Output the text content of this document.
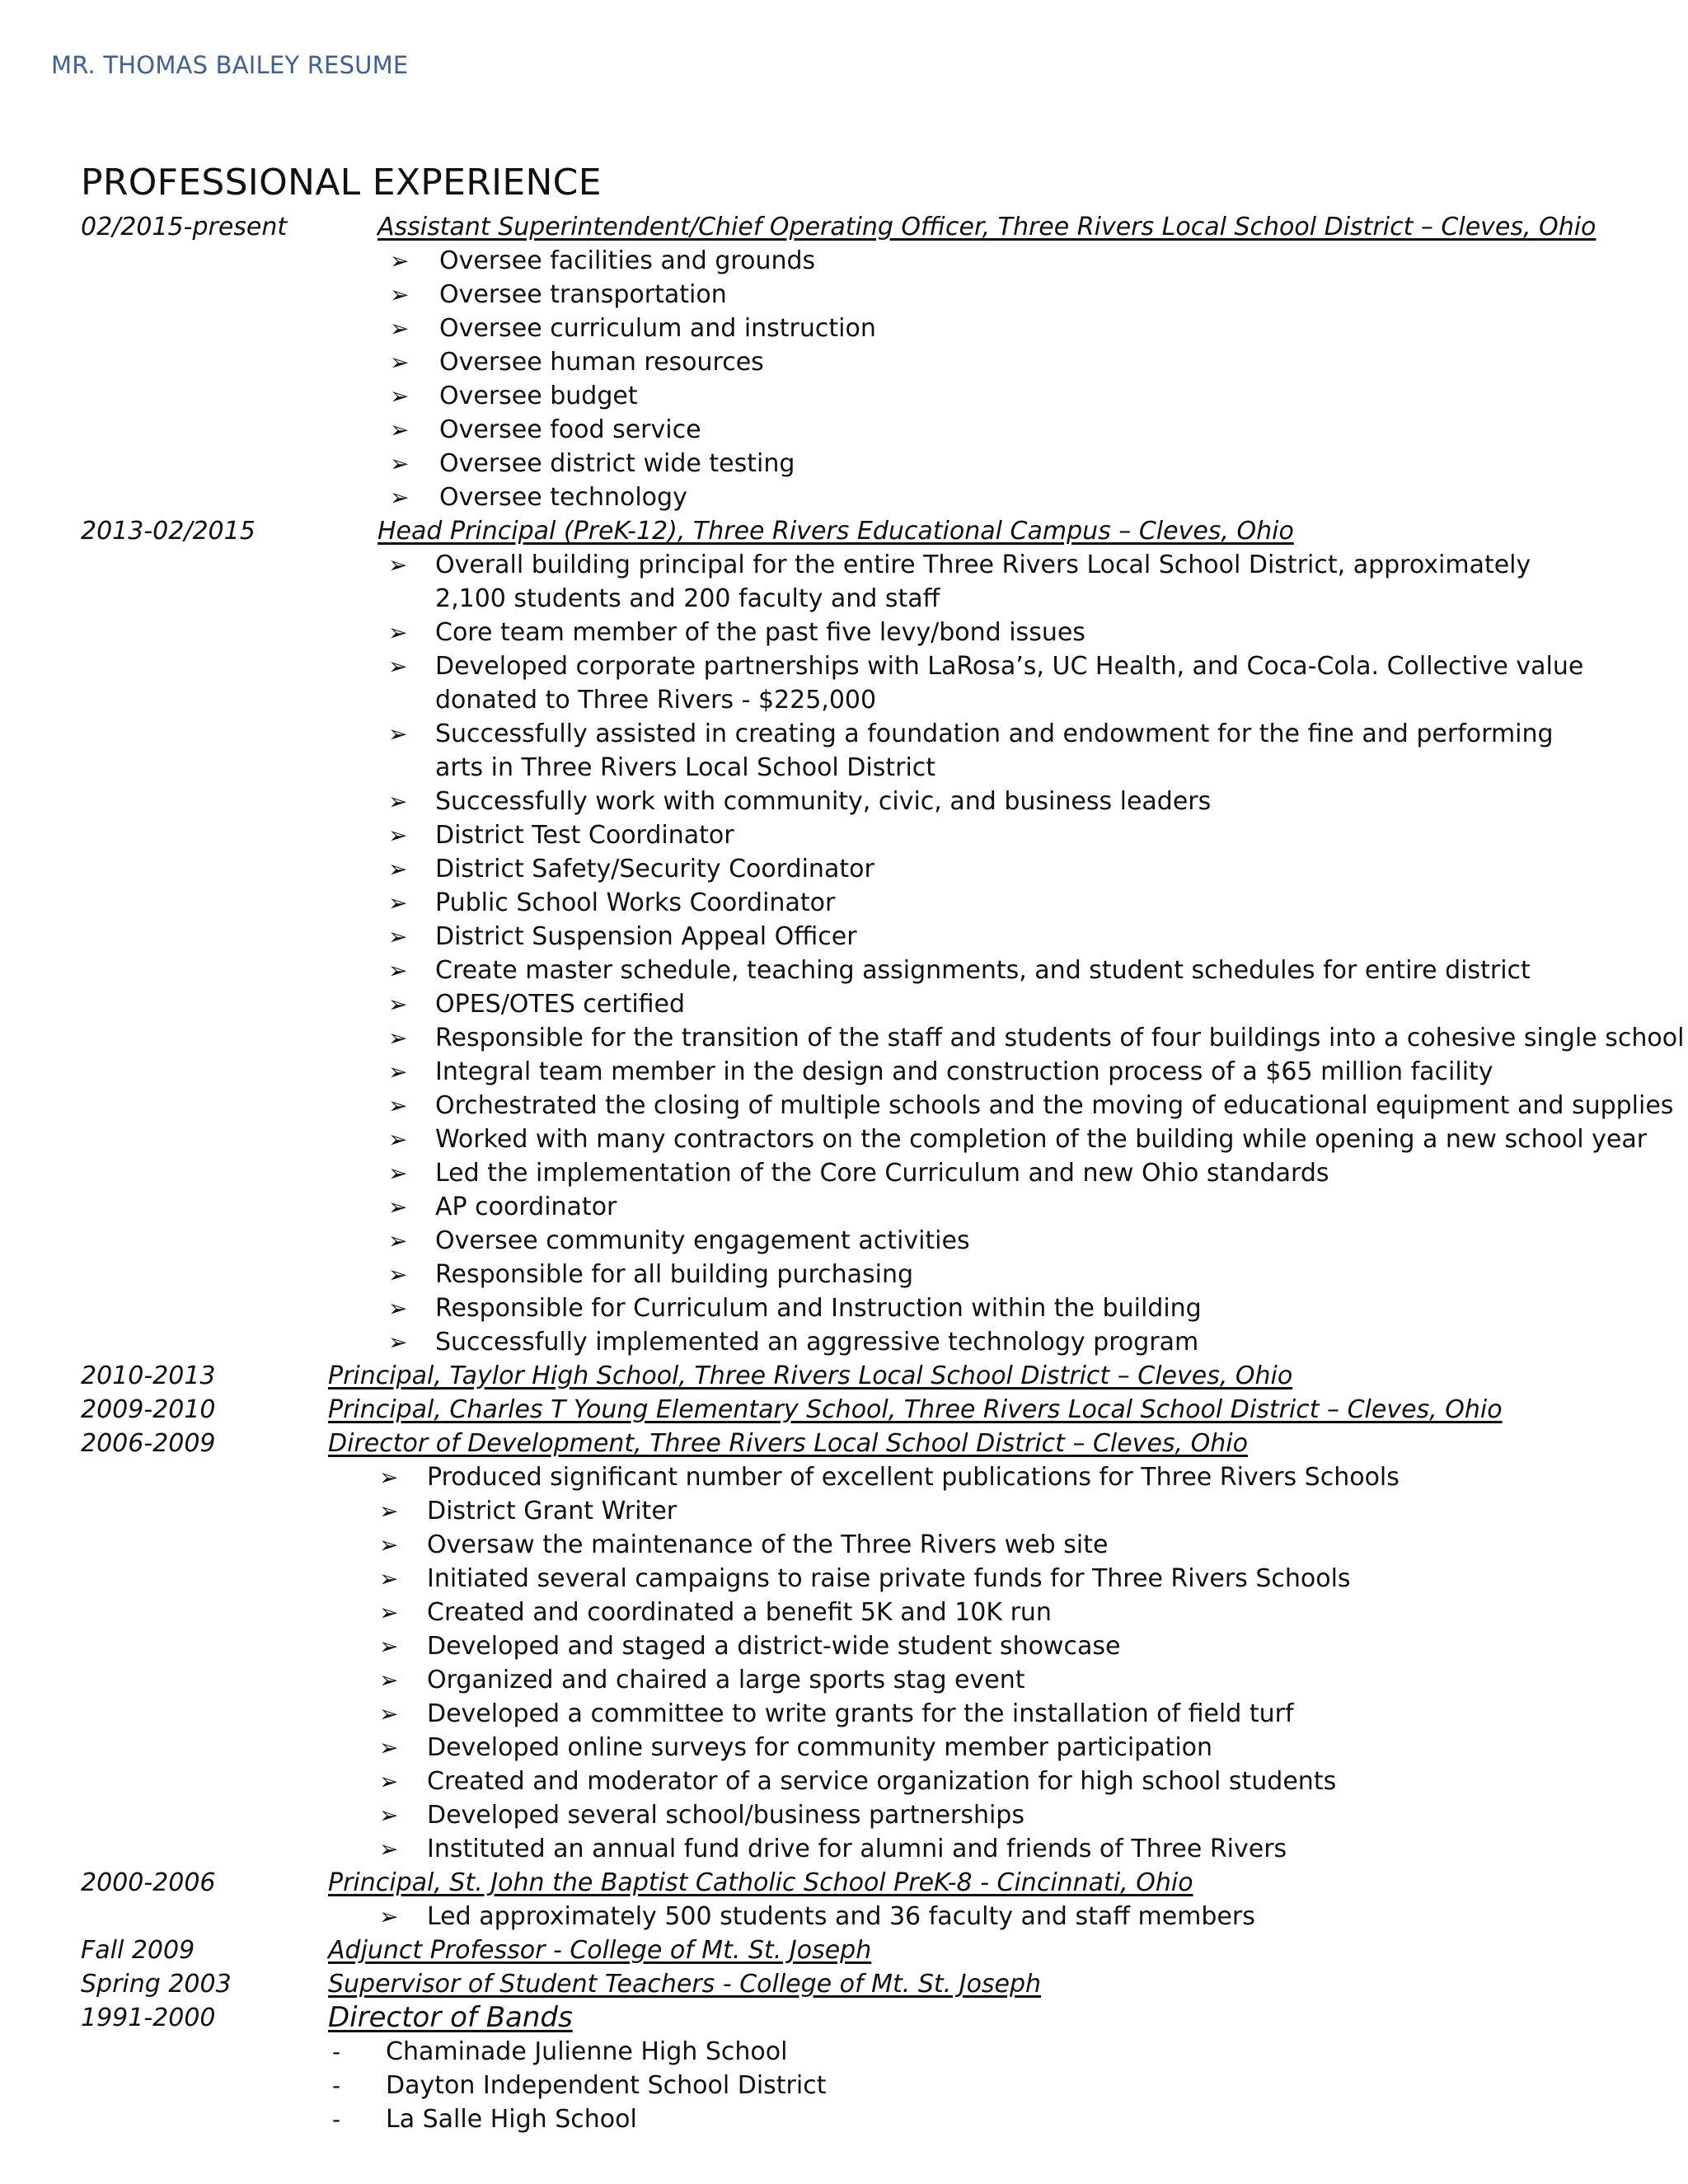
MR. THOMAS BAILEY RESUME
PROFESSIONAL EXPERIENCE
02/2015-present	Assistant Superintendent/Chief Operating Officer, Three Rivers Local School District – Cleves, Ohio
➢ Oversee facilities and grounds
➢ Oversee transportation
➢ Oversee curriculum and instruction
➢ Oversee human resources
➢ Oversee budget
➢ Oversee food service
➢ Oversee district wide testing
➢ Oversee technology
2013-02/2015	Head Principal (PreK-12), Three Rivers Educational Campus – Cleves, Ohio
➢ Overall building principal for the entire Three Rivers Local School District, approximately 2,100 students and 200 faculty and staff
➢ Core team member of the past five levy/bond issues
➢ Developed corporate partnerships with LaRosa’s, UC Health, and Coca-Cola. Collective value donated to Three Rivers - $225,000
➢ Successfully assisted in creating a foundation and endowment for the fine and performing arts in Three Rivers Local School District
➢ Successfully work with community, civic, and business leaders
➢ District Test Coordinator
➢ District Safety/Security Coordinator
➢ Public School Works Coordinator
➢ District Suspension Appeal Officer
➢ Create master schedule, teaching assignments, and student schedules for entire district
➢ OPES/OTES certified
➢ Responsible for the transition of the staff and students of four buildings into a cohesive single school
➢ Integral team member in the design and construction process of a $65 million facility
➢ Orchestrated the closing of multiple schools and the moving of educational equipment and supplies
➢ Worked with many contractors on the completion of the building while opening a new school year
➢ Led the implementation of the Core Curriculum and new Ohio standards
➢ AP coordinator
➢ Oversee community engagement activities
➢ Responsible for all building purchasing
➢ Responsible for Curriculum and Instruction within the building
➢ Successfully implemented an aggressive technology program
2010-2013	Principal, Taylor High School, Three Rivers Local School District – Cleves, Ohio
2009-2010	Principal, Charles T Young Elementary School, Three Rivers Local School District – Cleves, Ohio
2006-2009	Director of Development, Three Rivers Local School District – Cleves, Ohio
➢ Produced significant number of excellent publications for Three Rivers Schools
➢ District Grant Writer
➢ Oversaw the maintenance of the Three Rivers web site
➢ Initiated several campaigns to raise private funds for Three Rivers Schools
➢ Created and coordinated a benefit 5K and 10K run
➢ Developed and staged a district-wide student showcase
➢ Organized and chaired a large sports stag event
➢ Developed a committee to write grants for the installation of field turf
➢ Developed online surveys for community member participation
➢ Created and moderator of a service organization for high school students
➢ Developed several school/business partnerships
➢ Instituted an annual fund drive for alumni and friends of Three Rivers
2000-2006	Principal, St. John the Baptist Catholic School PreK-8 - Cincinnati, Ohio
➢ Led approximately 500 students and 36 faculty and staff members
Fall 2009	Adjunct Professor - College of Mt. St. Joseph
Spring 2003	Supervisor of Student Teachers - College of Mt. St. Joseph
1991-2000	Director of Bands
- Chaminade Julienne High School
- Dayton Independent School District
- La Salle High School
